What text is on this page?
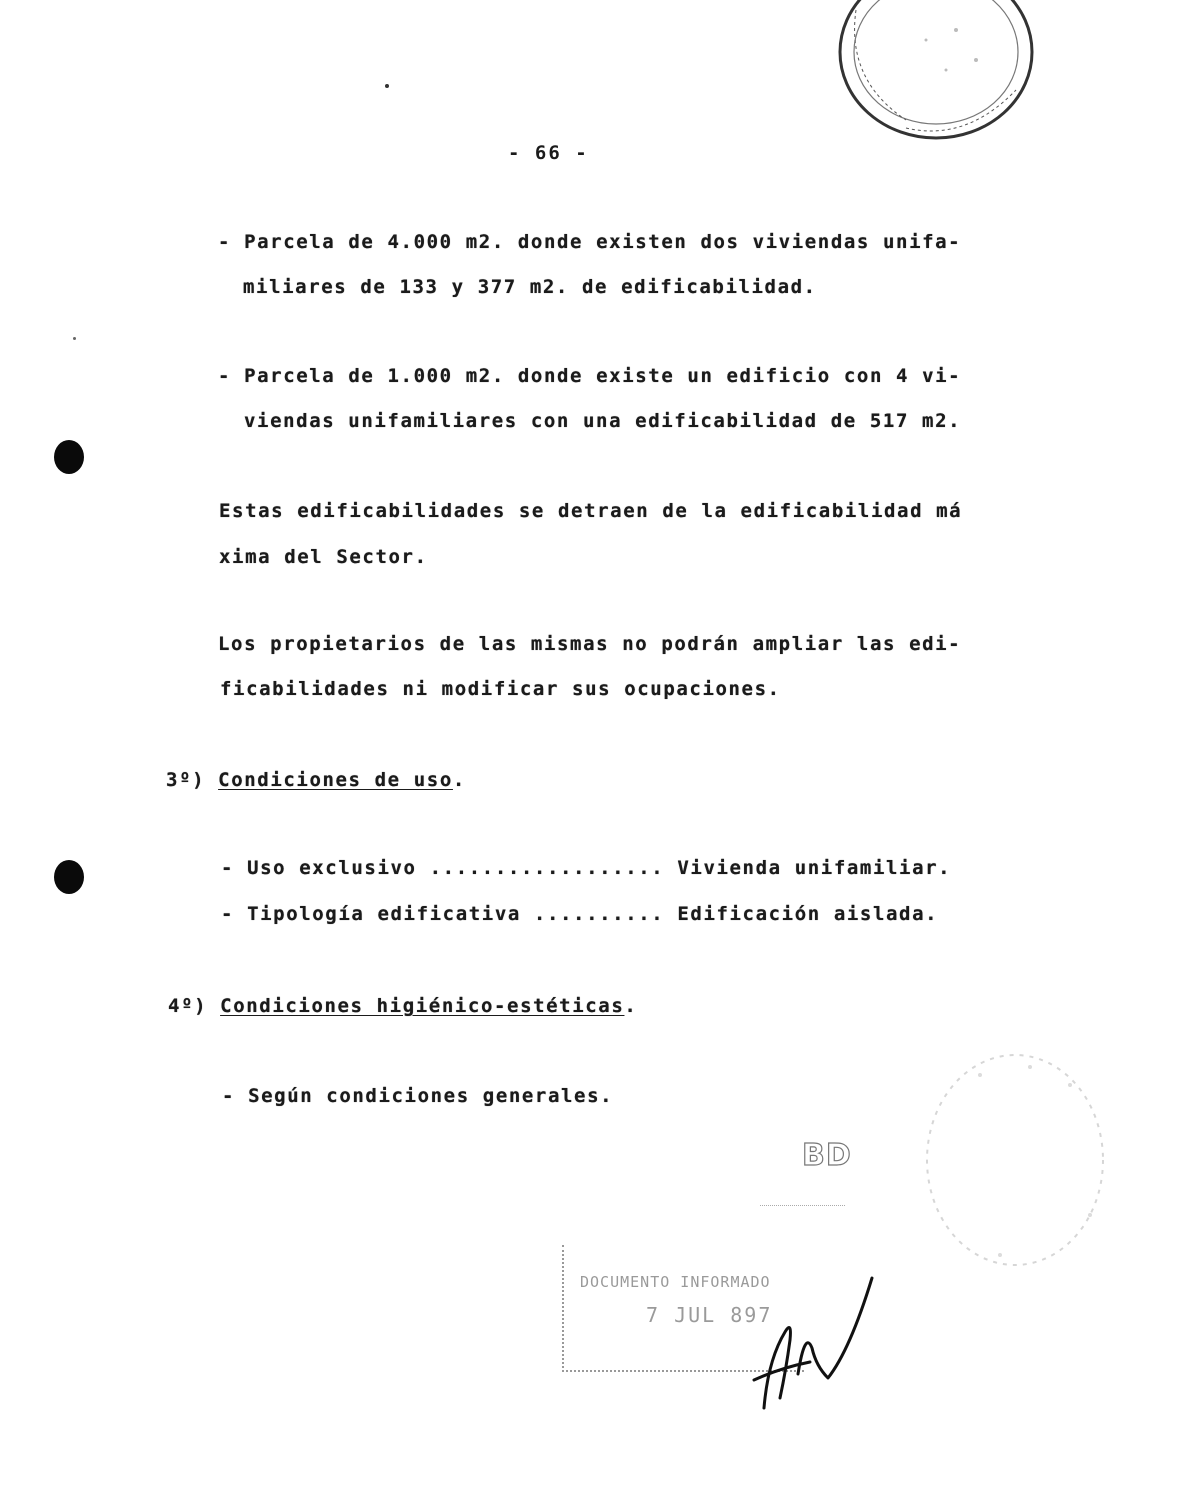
- 66 -
- Parcela de 4.000 m2. donde existen dos viviendas unifa-
miliares de 133 y 377 m2. de edificabilidad.
- Parcela de 1.000 m2. donde existe un edificio con 4 vi-
viendas unifamiliares con una edificabilidad de 517 m2.
Estas edificabilidades se detraen de la edificabilidad má
xima del Sector.
Los propietarios de las mismas no podrán ampliar las edi-
ficabilidades ni modificar sus ocupaciones.
3º) Condiciones de uso.
- Uso exclusivo .................. Vivienda unifamiliar.
- Tipología edificativa .......... Edificación aislada.
4º) Condiciones higiénico-estéticas.
- Según condiciones generales.
BD
DOCUMENTO INFORMADO
7 JUL 897
